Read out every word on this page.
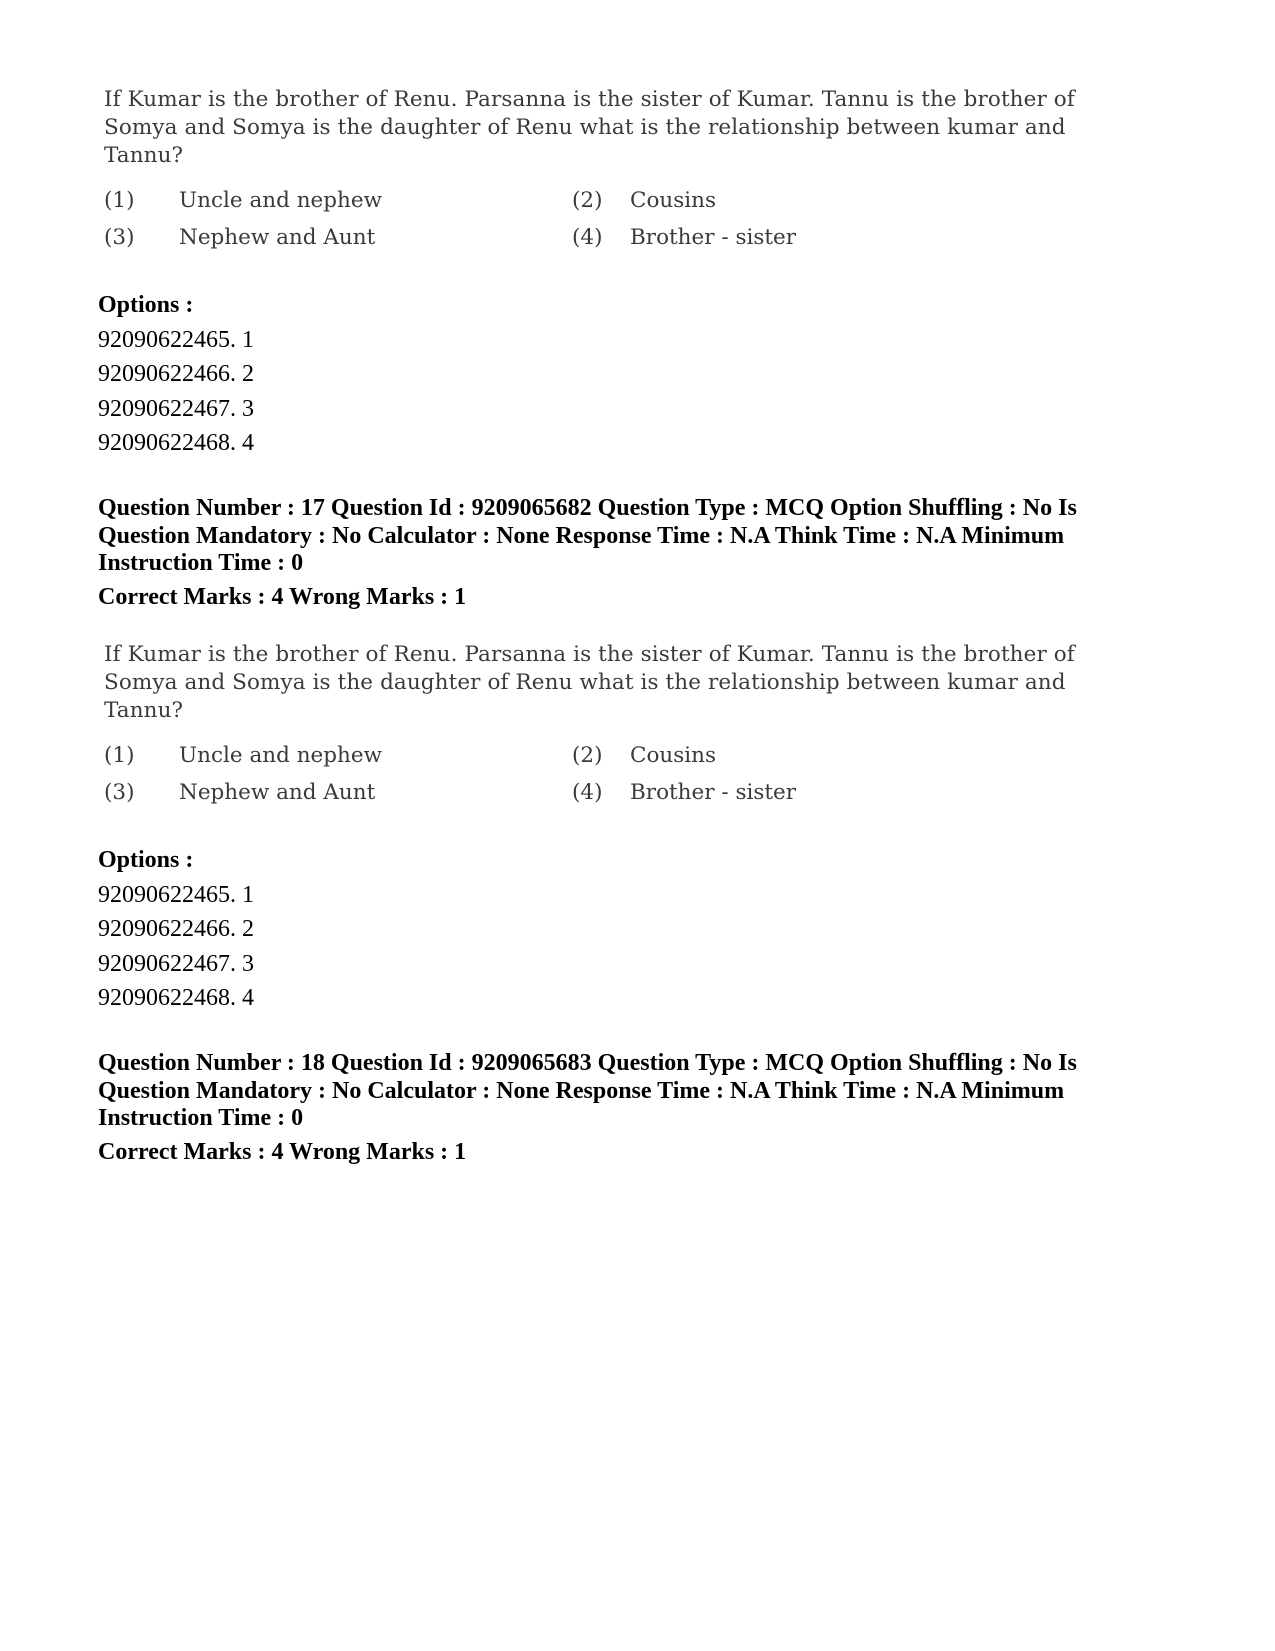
If Kumar is the brother of Renu. Parsanna is the sister of Kumar. Tannu is the brother of
Somya and Somya is the daughter of Renu what is the relationship between kumar and
Tannu?

(1)	Uncle and nephew	(2)	Cousins
(3)	Nephew and Aunt	(4)	Brother - sister

Options :

92090622465. 1

92090622466. 2

92090622467. 3

92090622468. 4

Question Number : 17 Question Id : 9209065682 Question Type : MCQ Option Shuffling : No Is

Question Mandatory : No Calculator : None Response Time : N.A Think Time : N.A Minimum

Instruction Time : 0

Correct Marks : 4 Wrong Marks : 1

If Kumar is the brother of Renu. Parsanna is the sister of Kumar. Tannu is the brother of
Somya and Somya is the daughter of Renu what is the relationship between kumar and
Tannu?

(1)	Uncle and nephew	(2)	Cousins
(3)	Nephew and Aunt	(4)	Brother - sister

Options :

92090622465. 1

92090622466. 2

92090622467. 3

92090622468. 4

Question Number : 18 Question Id : 9209065683 Question Type : MCQ Option Shuffling : No Is

Question Mandatory : No Calculator : None Response Time : N.A Think Time : N.A Minimum

Instruction Time : 0

Correct Marks : 4 Wrong Marks : 1
